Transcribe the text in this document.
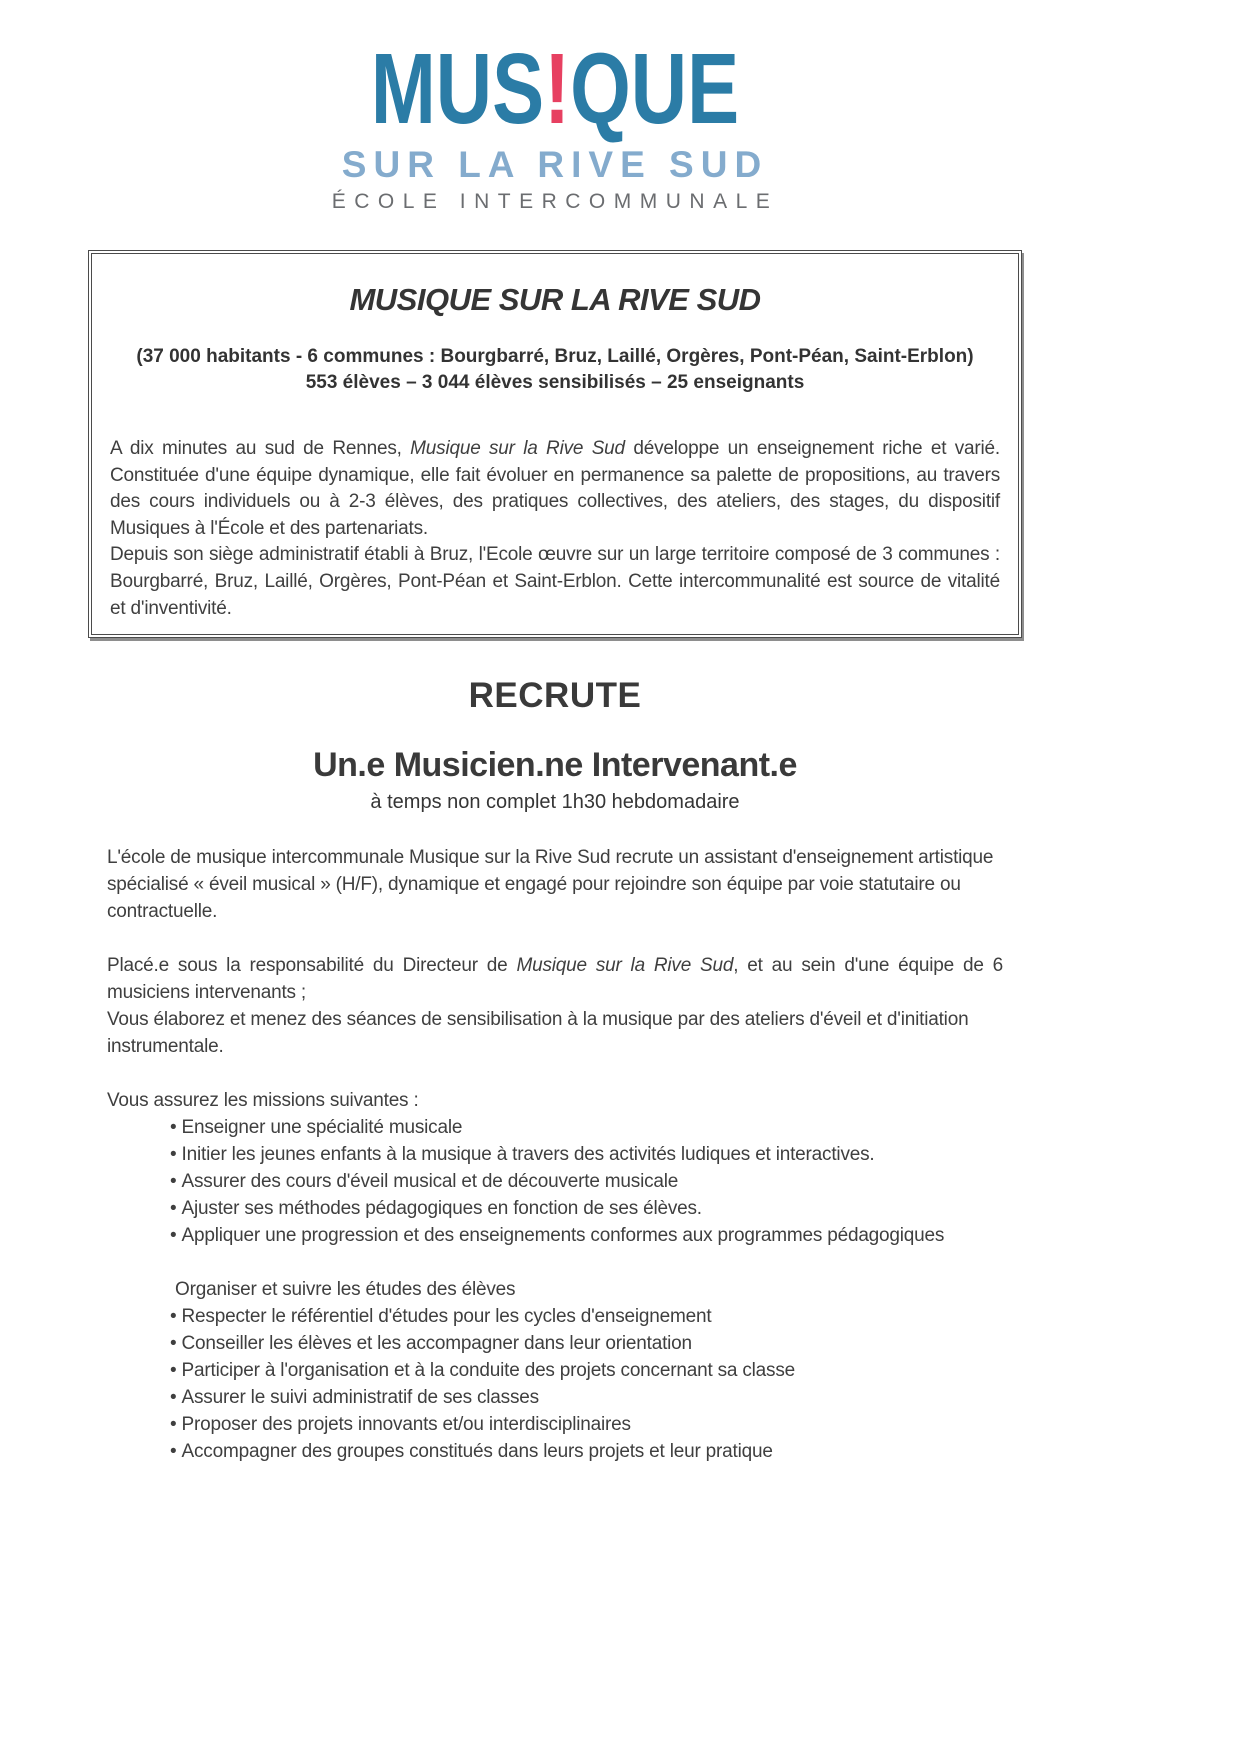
MUS!QUE
SUR LA RIVE SUD
ÉCOLE INTERCOMMUNALE
MUSIQUE SUR LA RIVE SUD

(37 000 habitants - 6 communes : Bourgbarré, Bruz, Laillé, Orgères, Pont-Péan, Saint-Erblon)
553 élèves – 3 044 élèves sensibilisés – 25 enseignants

A dix minutes au sud de Rennes, Musique sur la Rive Sud développe un enseignement riche et varié. Constituée d'une équipe dynamique, elle fait évoluer en permanence sa palette de propositions, au travers des cours individuels ou à 2-3 élèves, des pratiques collectives, des ateliers, des stages, du dispositif Musiques à l'École et des partenariats.

Depuis son siège administratif établi à Bruz, l'Ecole œuvre sur un large territoire composé de 3 communes : Bourgbarré, Bruz, Laillé, Orgères, Pont-Péan et Saint-Erblon. Cette intercommunalité est source de vitalité et d'inventivité.

RECRUTE
Un.e Musicien.ne Intervenant.e

à temps non complet 1h30 hebdomadaire

L'école de musique intercommunale Musique sur la Rive Sud recrute un assistant d'enseignement artistique spécialisé « éveil musical » (H/F), dynamique et engagé pour rejoindre son équipe par voie statutaire ou contractuelle.

Placé.e sous la responsabilité du Directeur de Musique sur la Rive Sud, et au sein d'une équipe de 6 musiciens intervenants ;

Vous élaborez et menez des séances de sensibilisation à la musique par des ateliers d'éveil et d'initiation instrumentale.

Vous assurez les missions suivantes :

• Enseigner une spécialité musicale
• Initier les jeunes enfants à la musique à travers des activités ludiques et interactives.
• Assurer des cours d'éveil musical et de découverte musicale
• Ajuster ses méthodes pédagogiques en fonction de ses élèves.
• Appliquer une progression et des enseignements conformes aux programmes pédagogiques

Organiser et suivre les études des élèves

• Respecter le référentiel d'études pour les cycles d'enseignement
• Conseiller les élèves et les accompagner dans leur orientation
• Participer à l'organisation et à la conduite des projets concernant sa classe
• Assurer le suivi administratif de ses classes
• Proposer des projets innovants et/ou interdisciplinaires
• Accompagner des groupes constitués dans leurs projets et leur pratique
